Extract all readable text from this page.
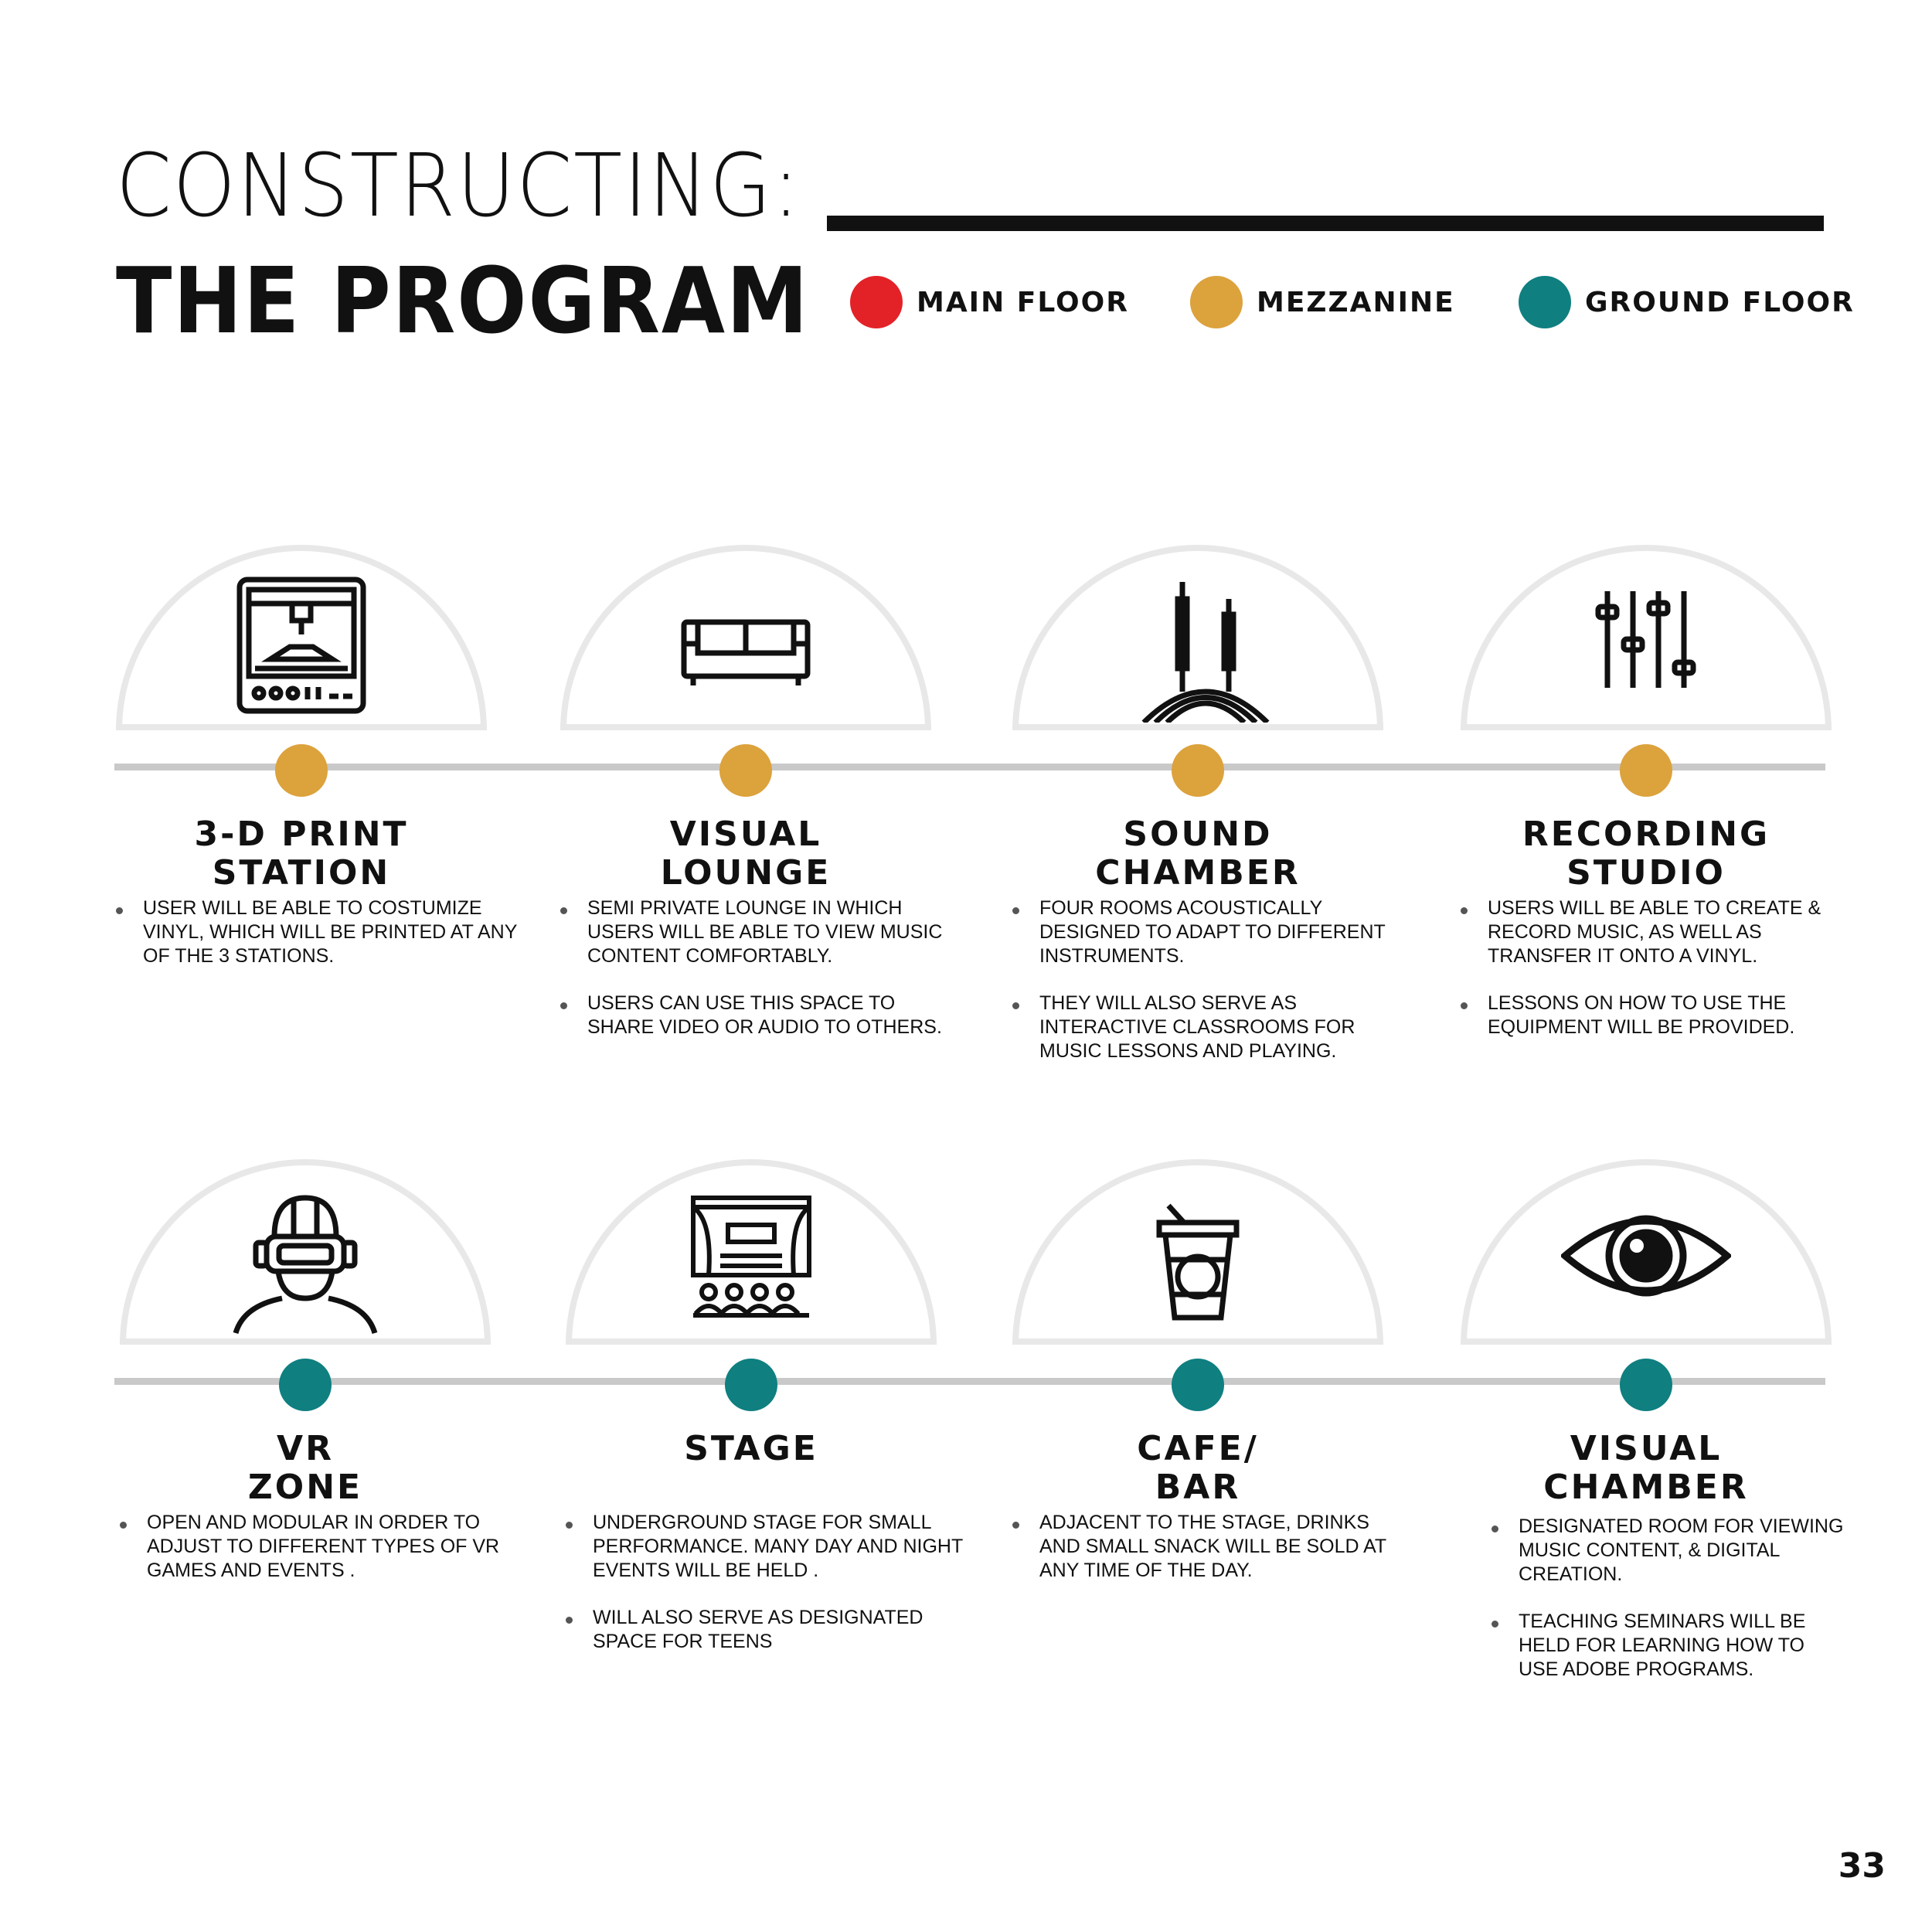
CONSTRUCTING:
THE PROGRAM	MAIN FLOOR	MEZZANINE	GROUND FLOOR
3-D PRINT
STATION
USER WILL BE ABLE TO COSTUMIZE VINYL, WHICH WILL BE PRINTED AT ANY OF THE 3 STATIONS.
VISUAL
LOUNGE
SEMI PRIVATE LOUNGE IN WHICH USERS WILL BE ABLE TO VIEW MUSIC CONTENT COMFORTABLY.
USERS CAN USE THIS SPACE TO SHARE VIDEO OR AUDIO TO OTHERS.
SOUND
CHAMBER
FOUR ROOMS ACOUSTICALLY DESIGNED TO ADAPT TO DIFFERENT INSTRUMENTS.
THEY WILL ALSO SERVE AS INTERACTIVE CLASSROOMS FOR MUSIC LESSONS AND PLAYING.
RECORDING
STUDIO
USERS WILL BE ABLE TO CREATE & RECORD MUSIC, AS WELL AS TRANSFER IT ONTO A VINYL.
LESSONS ON HOW TO USE THE EQUIPMENT WILL BE PROVIDED.
VR
ZONE
OPEN AND MODULAR IN ORDER TO ADJUST TO DIFFERENT TYPES OF VR GAMES AND EVENTS .
STAGE
UNDERGROUND STAGE FOR SMALL PERFORMANCE. MANY DAY AND NIGHT EVENTS WILL BE HELD .
WILL ALSO SERVE AS DESIGNATED SPACE FOR TEENS
CAFE/
BAR
ADJACENT TO THE STAGE, DRINKS AND SMALL SNACK WILL BE SOLD AT ANY TIME OF THE DAY.
VISUAL
CHAMBER
DESIGNATED ROOM FOR VIEWING MUSIC CONTENT, & DIGITAL CREATION.
TEACHING SEMINARS WILL BE HELD FOR LEARNING HOW TO USE ADOBE PROGRAMS.
33
